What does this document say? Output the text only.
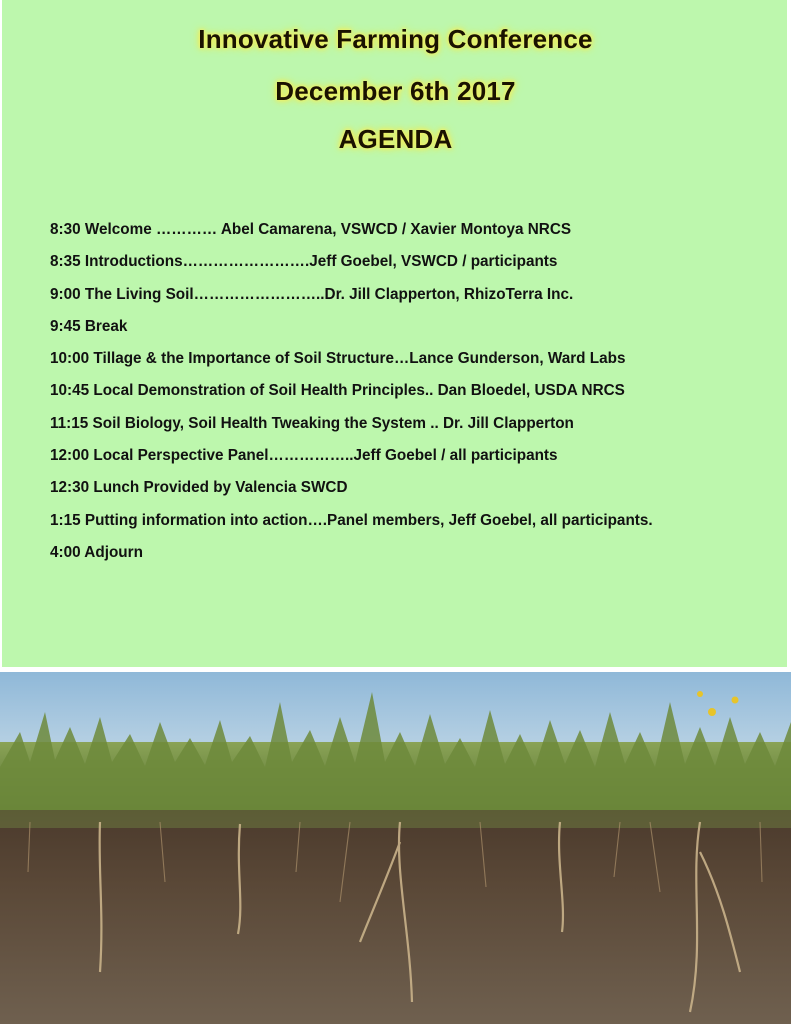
Innovative Farming Conference
December 6th 2017
AGENDA
8:30 Welcome ………… Abel Camarena, VSWCD / Xavier Montoya NRCS
8:35 Introductions…………………….Jeff Goebel, VSWCD / participants
9:00 The Living Soil……………………..Dr. Jill Clapperton, RhizoTerra Inc.
9:45 Break
10:00 Tillage & the Importance of Soil Structure…Lance Gunderson, Ward Labs
10:45 Local Demonstration of Soil Health Principles.. Dan Bloedel, USDA NRCS
11:15 Soil Biology, Soil Health Tweaking the System .. Dr. Jill Clapperton
12:00 Local Perspective Panel……………..Jeff Goebel / all participants
12:30 Lunch Provided by Valencia SWCD
1:15 Putting information into action….Panel members, Jeff Goebel, all participants.
4:00 Adjourn
